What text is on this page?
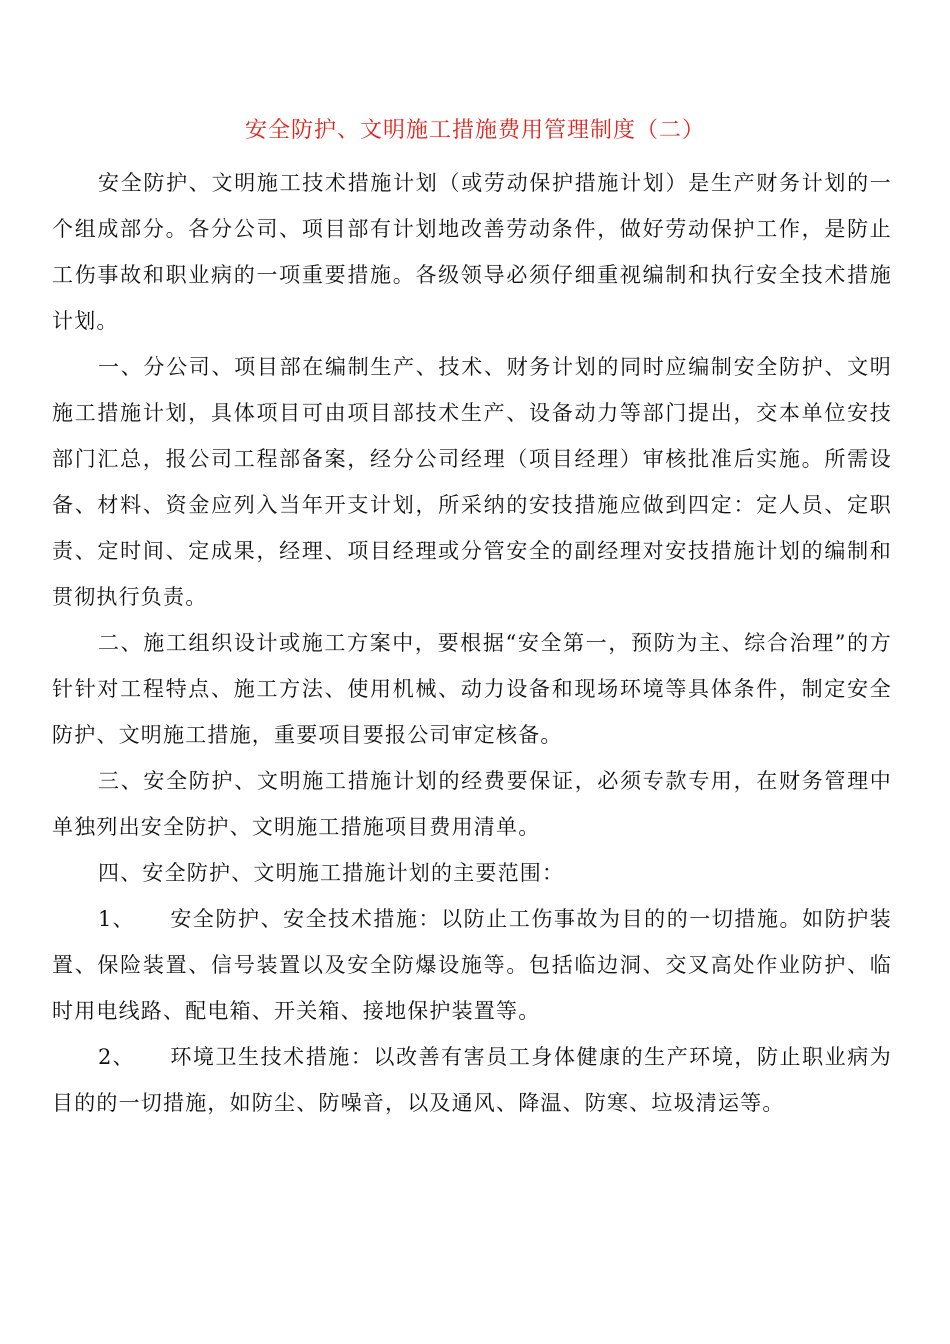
安全防护、文明施工措施费用管理制度（二）

安全防护、文明施工技术措施计划（或劳动保护措施计划）是生产财务计划的一个组成部分。各分公司、项目部有计划地改善劳动条件，做好劳动保护工作，是防止工伤事故和职业病的一项重要措施。各级领导必须仔细重视编制和执行安全技术措施计划。

一、分公司、项目部在编制生产、技术、财务计划的同时应编制安全防护、文明施工措施计划，具体项目可由项目部技术生产、设备动力等部门提出，交本单位安技部门汇总，报公司工程部备案，经分公司经理（项目经理）审核批准后实施。所需设备、材料、资金应列入当年开支计划，所采纳的安技措施应做到四定：定人员、定职责、定时间、定成果，经理、项目经理或分管安全的副经理对安技措施计划的编制和贯彻执行负责。

二、施工组织设计或施工方案中，要根据“安全第一，预防为主、综合治理”的方针针对工程特点、施工方法、使用机械、动力设备和现场环境等具体条件，制定安全防护、文明施工措施，重要项目要报公司审定核备。

三、安全防护、文明施工措施计划的经费要保证，必须专款专用，在财务管理中单独列出安全防护、文明施工措施项目费用清单。

四、安全防护、文明施工措施计划的主要范围：

1、 安全防护、安全技术措施：以防止工伤事故为目的的一切措施。如防护装置、保险装置、信号装置以及安全防爆设施等。包括临边洞、交叉高处作业防护、临时用电线路、配电箱、开关箱、接地保护装置等。

2、 环境卫生技术措施：以改善有害员工身体健康的生产环境，防止职业病为目的的一切措施，如防尘、防噪音，以及通风、降温、防寒、垃圾清运等。
